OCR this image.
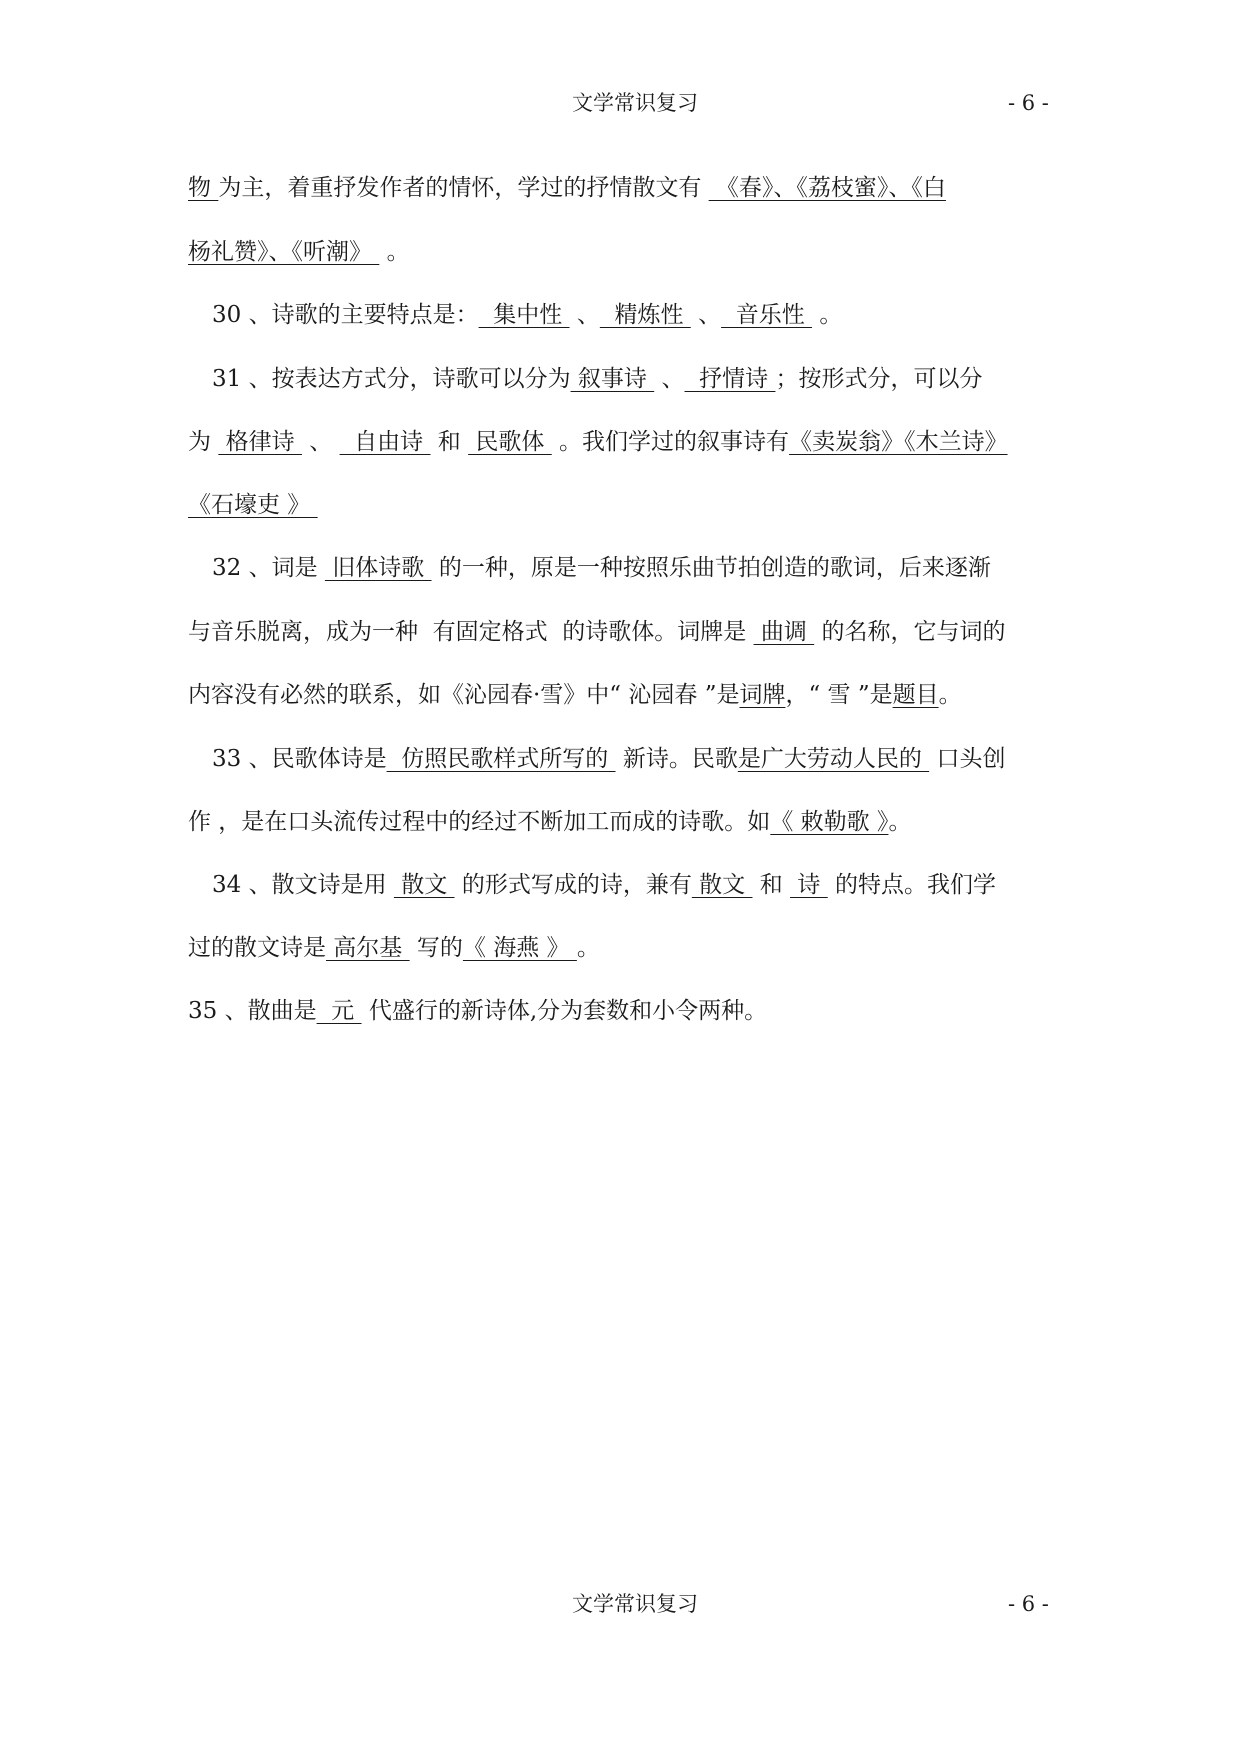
文学常识复习	- 6 -
物 为主，着重抒发作者的情怀，学过的抒情散文有  《春》、《荔枝蜜》、《白
杨礼赞》、《听潮》  。
30 、诗歌的主要特点是：  集中性  、  精炼性  、  音乐性  。
31 、按表达方式分，诗歌可以分为 叙事诗  、  抒情诗 ；按形式分，可以分
为  格律诗  、   自由诗  和  民歌体  。我们学过的叙事诗有《卖炭翁》《木兰诗》
《石壕吏 》
32 、词是  旧体诗歌  的一种，原是一种按照乐曲节拍创造的歌词，后来逐渐
与音乐脱离，成为一种  有固定格式  的诗歌体。词牌是  曲调  的名称，它与词的
内容没有必然的联系，如《沁园春·雪》中“ 沁园春 ”是词牌，“ 雪 ”是题目。
33 、民歌体诗是  仿照民歌样式所写的  新诗。民歌是广大劳动人民的  口头创
作 ，是在口头流传过程中的经过不断加工而成的诗歌。如《 敕勒歌 》。
34 、散文诗是用  散文  的形式写成的诗，兼有 散文  和  诗  的特点。我们学
过的散文诗是 高尔基  写的《 海燕 》 。
35 、散曲是  元  代盛行的新诗体,分为套数和小令两种。
文学常识复习	- 6 -
